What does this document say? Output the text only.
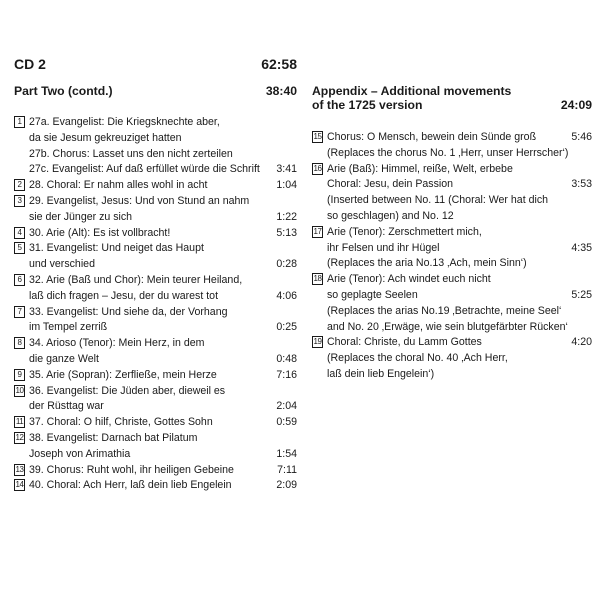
CD 2	62:58
Part Two (contd.)	38:40
1 27a. Evangelist: Die Kriegsknechte aber,
da sie Jesum gekreuziget hatten
27b. Chorus: Lasset uns den nicht zerteilen
27c. Evangelist: Auf daß erfüllet würde die Schrift	3:41
2 28. Choral: Er nahm alles wohl in acht	1:04
3 29. Evangelist, Jesus: Und von Stund an nahm
sie der Jünger zu sich	1:22
4 30. Arie (Alt): Es ist vollbracht!	5:13
5 31. Evangelist: Und neiget das Haupt
und verschied	0:28
6 32. Arie (Baß und Chor): Mein teurer Heiland,
laß dich fragen – Jesu, der du warest tot	4:06
7 33. Evangelist: Und siehe da, der Vorhang
im Tempel zerriß	0:25
8 34. Arioso (Tenor): Mein Herz, in dem
die ganze Welt	0:48
9 35. Arie (Sopran): Zerfließe, mein Herze	7:16
10 36. Evangelist: Die Jüden aber, dieweil es
der Rüsttag war	2:04
11 37. Choral: O hilf, Christe, Gottes Sohn	0:59
12 38. Evangelist: Darnach bat Pilatum
Joseph von Arimathia	1:54
13 39. Chorus: Ruht wohl, ihr heiligen Gebeine	7:11
14 40. Choral: Ach Herr, laß dein lieb Engelein	2:09
Appendix – Additional movements
of the 1725 version	24:09
15 Chorus: O Mensch, bewein dein Sünde groß	5:46
(Replaces the chorus No. 1 ‚Herr, unser Herrscher‘)
16 Arie (Baß): Himmel, reiße, Welt, erbebe
Choral: Jesu, dein Passion	3:53
(Inserted between No. 11 (Choral: Wer hat dich
so geschlagen) and No. 12
17 Arie (Tenor): Zerschmettert mich,
ihr Felsen und ihr Hügel	4:35
(Replaces the aria No.13 ‚Ach, mein Sinn‘)
18 Arie (Tenor): Ach windet euch nicht
so geplagte Seelen	5:25
(Replaces the arias No.19 ‚Betrachte, meine Seel‘
and No. 20 ‚Erwäge, wie sein blutgefärbter Rücken‘
19 Choral: Christe, du Lamm Gottes	4:20
(Replaces the choral No. 40 ‚Ach Herr,
laß dein lieb Engelein‘)
